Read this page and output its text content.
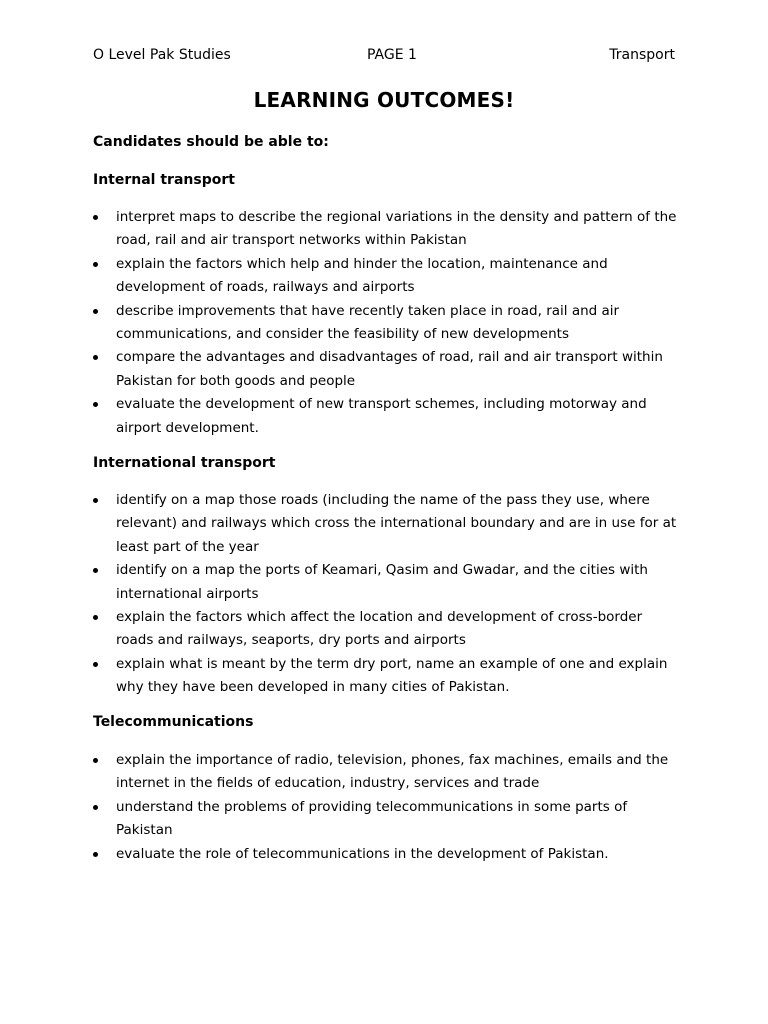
O Level Pak Studies	PAGE 1	Transport
LEARNING OUTCOMES!
Candidates should be able to:
Internal transport
interpret maps to describe the regional variations in the density and pattern of the road, rail and air transport networks within Pakistan
explain the factors which help and hinder the location, maintenance and development of roads, railways and airports
describe improvements that have recently taken place in road, rail and air communications, and consider the feasibility of new developments
compare the advantages and disadvantages of road, rail and air transport within Pakistan for both goods and people
evaluate the development of new transport schemes, including motorway and airport development.
International transport
identify on a map those roads (including the name of the pass they use, where relevant) and railways which cross the international boundary and are in use for at least part of the year
identify on a map the ports of Keamari, Qasim and Gwadar, and the cities with international airports
explain the factors which affect the location and development of cross-border roads and railways, seaports, dry ports and airports
explain what is meant by the term dry port, name an example of one and explain why they have been developed in many cities of Pakistan.
Telecommunications
explain the importance of radio, television, phones, fax machines, emails and the internet in the fields of education, industry, services and trade
understand the problems of providing telecommunications in some parts of Pakistan
evaluate the role of telecommunications in the development of Pakistan.
